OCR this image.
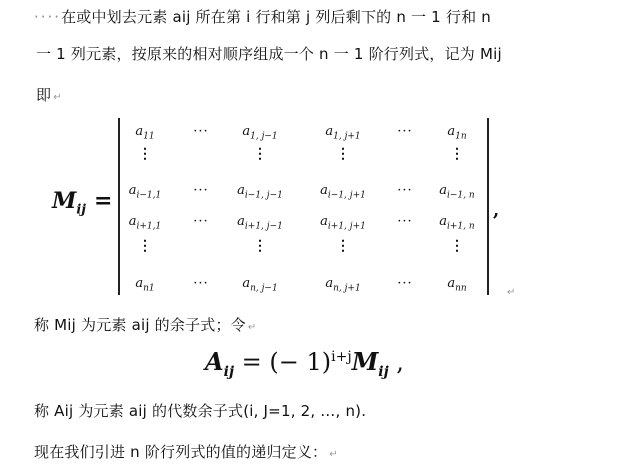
····在或中划去元素 aij 所在第 i 行和第 j 列后剩下的 n 一 1 行和 n
一 1 列元素，按原来的相对顺序组成一个 n 一 1 阶行列式，记为 Mij
即 ↵
$M_{ij}$ =
$a_{11}$	···	$a_{1, j-1}$	$a_{1, j+1}$	···	$a_{1n}$
⋮	⋮	⋮	⋮
$a_{i-1,1}$ ··· $a_{i-1, j-1}$	$a_{i-1, j+1}$ ··· $a_{i-1, n}$
$a_{i+1,1}$ ··· $a_{i+1, j-1}$	$a_{i+1, j+1}$ ··· $a_{i+1, n}$
⋮	⋮	⋮	⋮
$a_{n1}$	···	$a_{n, j-1}$	$a_{n, j+1}$	···	$a_{nn}$
,
↵
称 Mij 为元素 aij 的余子式；令 ↵
$A_{ij}$ = (− $1)^{i+j}M_{ij}$ ,
称 Aij 为元素 aij 的代数余子式(i, J=1, 2, …, n).
现在我们引进 n 阶行列式的值的递归定义： ↵
